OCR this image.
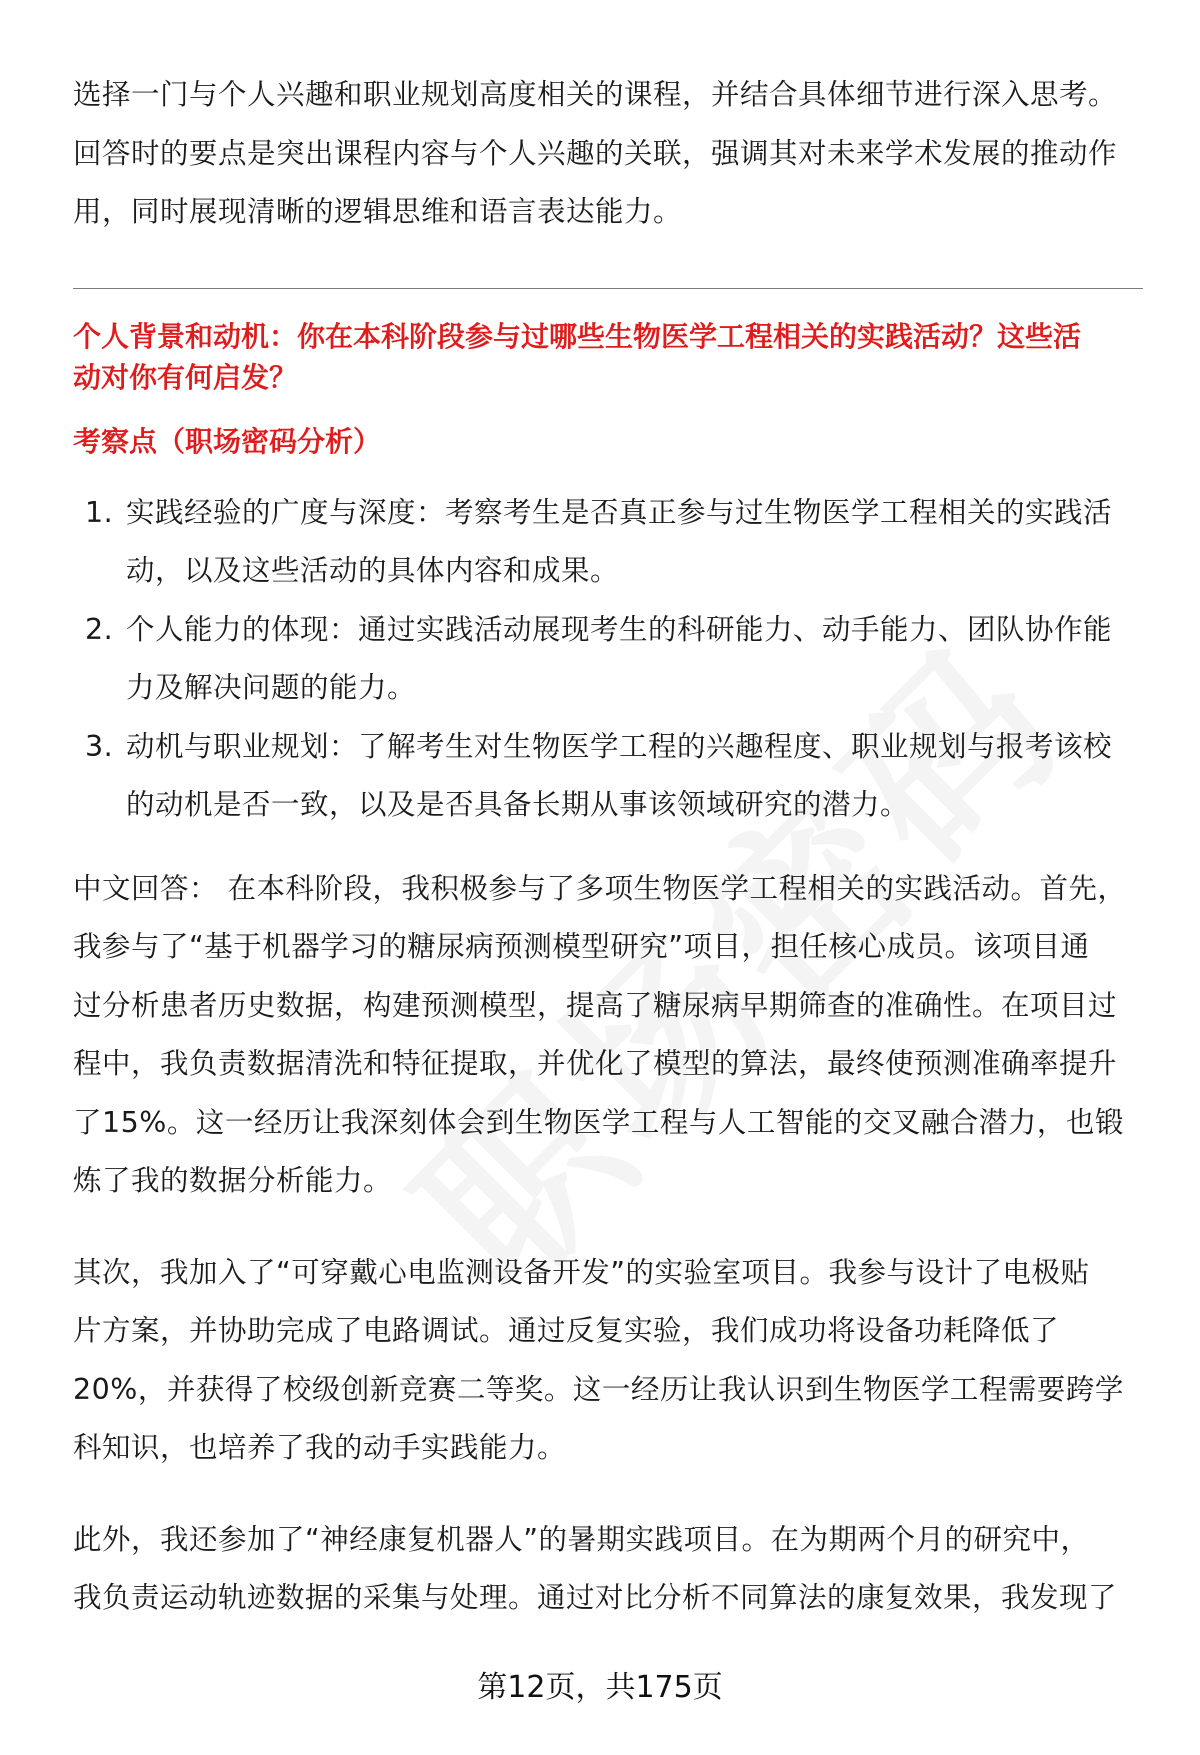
选择一门与个人兴趣和职业规划高度相关的课程，并结合具体细节进行深入思考。

回答时的要点是突出课程内容与个人兴趣的关联，强调其对未来学术发展的推动作

用，同时展现清晰的逻辑思维和语言表达能力。

个人背景和动机：你在本科阶段参与过哪些生物医学工程相关的实践活动？这些活
动对你有何启发？
考察点（职场密码分析）
1. 实践经验的广度与深度：考察考生是否真正参与过生物医学工程相关的实践活
动，以及这些活动的具体内容和成果。
2. 个人能力的体现：通过实践活动展现考生的科研能力、动手能力、团队协作能
力及解决问题的能力。
3. 动机与职业规划：了解考生对生物医学工程的兴趣程度、职业规划与报考该校
的动机是否一致，以及是否具备长期从事该领域研究的潜力。

中文回答： 在本科阶段，我积极参与了多项生物医学工程相关的实践活动。首先，

我参与了“基于机器学习的糖尿病预测模型研究”项目，担任核心成员。该项目通

过分析患者历史数据，构建预测模型，提高了糖尿病早期筛查的准确性。在项目过

程中，我负责数据清洗和特征提取，并优化了模型的算法，最终使预测准确率提升

了15%。这一经历让我深刻体会到生物医学工程与人工智能的交叉融合潜力，也锻

炼了我的数据分析能力。

其次，我加入了“可穿戴心电监测设备开发”的实验室项目。我参与设计了电极贴

片方案，并协助完成了电路调试。通过反复实验，我们成功将设备功耗降低了

20%，并获得了校级创新竞赛二等奖。这一经历让我认识到生物医学工程需要跨学

科知识，也培养了我的动手实践能力。

此外，我还参加了“神经康复机器人”的暑期实践项目。在为期两个月的研究中，

我负责运动轨迹数据的采集与处理。通过对比分析不同算法的康复效果，我发现了

第12页，共175页
